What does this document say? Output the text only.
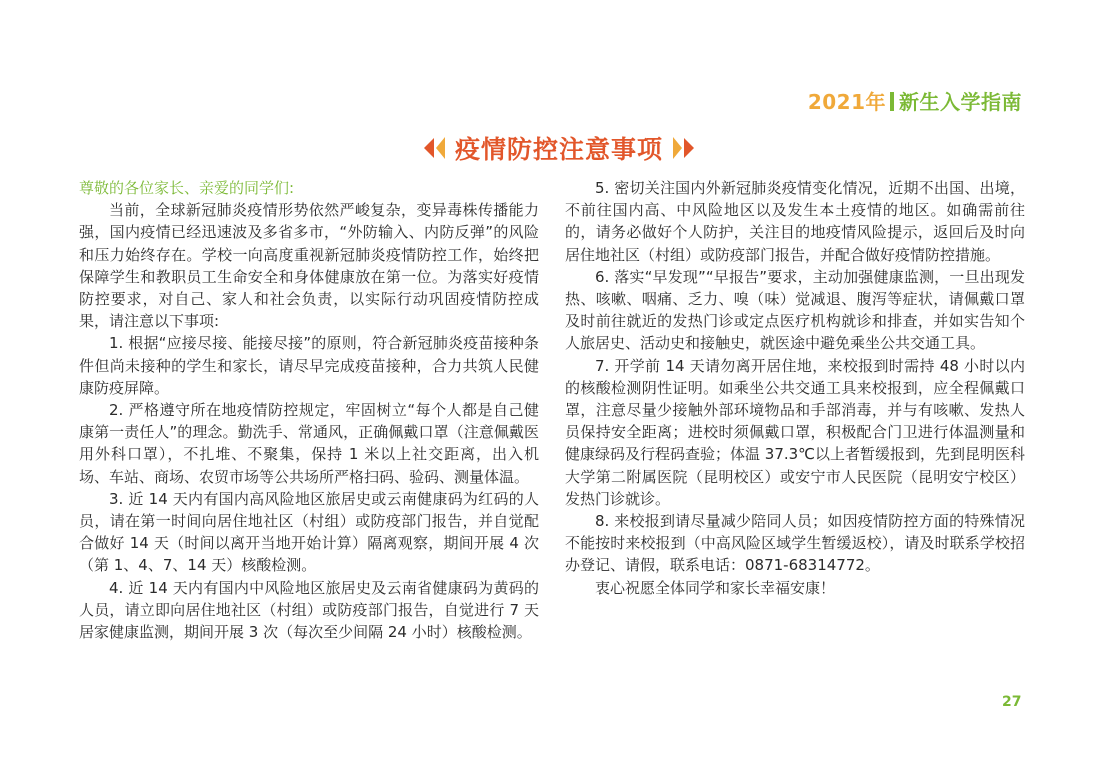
2021年 新生入学指南
疫情防控注意事项

尊敬的各位家长、亲爱的同学们:

当前，全球新冠肺炎疫情形势依然严峻复杂，变异毒株传播能力强，国内疫情已经迅速波及多省多市，“外防输入、内防反弹”的风险和压力始终存在。学校一向高度重视新冠肺炎疫情防控工作，始终把保障学生和教职员工生命安全和身体健康放在第一位。为落实好疫情防控要求，对自己、家人和社会负责，以实际行动巩固疫情防控成果，请注意以下事项:

1. 根据“应接尽接、能接尽接”的原则，符合新冠肺炎疫苗接种条件但尚未接种的学生和家长，请尽早完成疫苗接种，合力共筑人民健康防疫屏障。

2. 严格遵守所在地疫情防控规定，牢固树立“每个人都是自己健康第一责任人”的理念。勤洗手、常通风，正确佩戴口罩（注意佩戴医用外科口罩），不扎堆、不聚集，保持 1 米以上社交距离，出入机场、车站、商场、农贸市场等公共场所严格扫码、验码、测量体温。

3. 近 14 天内有国内高风险地区旅居史或云南健康码为红码的人员，请在第一时间向居住地社区（村组）或防疫部门报告，并自觉配合做好 14 天（时间以离开当地开始计算）隔离观察，期间开展 4 次（第 1、4、7、14 天）核酸检测。

4. 近 14 天内有国内中风险地区旅居史及云南省健康码为黄码的人员，请立即向居住地社区（村组）或防疫部门报告，自觉进行 7 天居家健康监测，期间开展 3 次（每次至少间隔 24 小时）核酸检测。

5. 密切关注国内外新冠肺炎疫情变化情况，近期不出国、出境，不前往国内高、中风险地区以及发生本土疫情的地区。如确需前往的，请务必做好个人防护，关注目的地疫情风险提示，返回后及时向居住地社区（村组）或防疫部门报告，并配合做好疫情防控措施。

6. 落实“早发现”“早报告”要求，主动加强健康监测，一旦出现发热、咳嗽、咽痛、乏力、嗅（味）觉减退、腹泻等症状，请佩戴口罩及时前往就近的发热门诊或定点医疗机构就诊和排查，并如实告知个人旅居史、活动史和接触史，就医途中避免乘坐公共交通工具。

7. 开学前 14 天请勿离开居住地，来校报到时需持 48 小时以内的核酸检测阴性证明。如乘坐公共交通工具来校报到，应全程佩戴口罩，注意尽量少接触外部环境物品和手部消毒，并与有咳嗽、发热人员保持安全距离；进校时须佩戴口罩，积极配合门卫进行体温测量和健康绿码及行程码查验；体温 37.3℃以上者暂缓报到，先到昆明医科大学第二附属医院（昆明校区）或安宁市人民医院（昆明安宁校区）发热门诊就诊。

8. 来校报到请尽量减少陪同人员；如因疫情防控方面的特殊情况不能按时来校报到（中高风险区域学生暂缓返校），请及时联系学校招办登记、请假，联系电话：0871-68314772。

衷心祝愿全体同学和家长幸福安康！

27
